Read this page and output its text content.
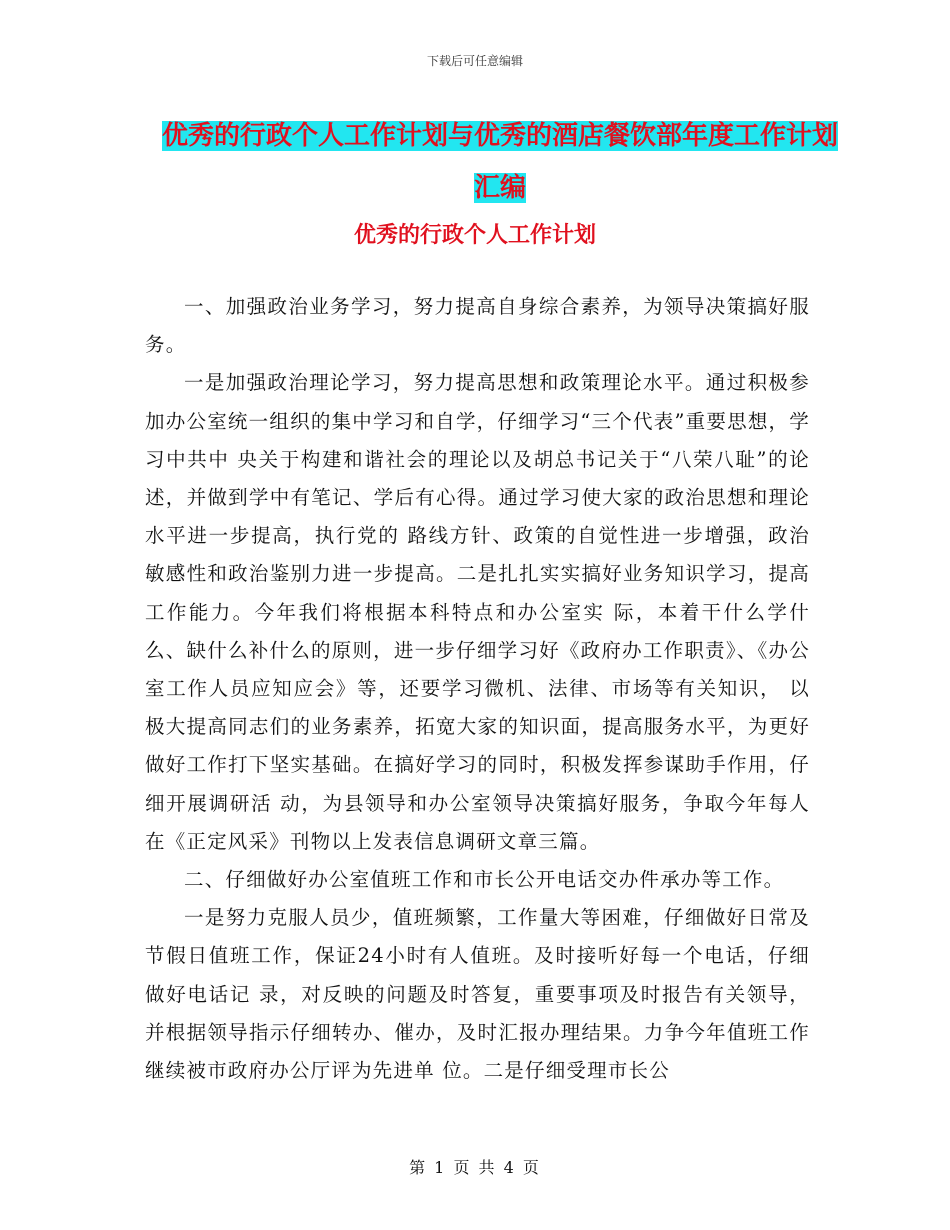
下载后可任意编辑

优秀的行政个人工作计划与优秀的酒店餐饮部年度工作计划汇编
优秀的行政个人工作计划

一、加强政治业务学习，努力提高自身综合素养，为领导决策搞好服务。

一是加强政治理论学习，努力提高思想和政策理论水平。通过积极参加办公室统一组织的集中学习和自学，仔细学习“三个代表”重要思想，学习中共中 央关于构建和谐社会的理论以及胡总书记关于“八荣八耻”的论述，并做到学中有笔记、学后有心得。通过学习使大家的政治思想和理论水平进一步提高，执行党的 路线方针、政策的自觉性进一步增强，政治敏感性和政治鉴别力进一步提高。二是扎扎实实搞好业务知识学习，提高工作能力。今年我们将根据本科特点和办公室实 际，本着干什么学什么、缺什么补什么的原则，进一步仔细学习好《政府办工作职责》、《办公室工作人员应知应会》等，还要学习微机、法律、市场等有关知识， 以极大提高同志们的业务素养，拓宽大家的知识面，提高服务水平，为更好做好工作打下坚实基础。在搞好学习的同时，积极发挥参谋助手作用，仔细开展调研活 动，为县领导和办公室领导决策搞好服务，争取今年每人在《正定风采》刊物以上发表信息调研文章三篇。

二、仔细做好办公室值班工作和市长公开电话交办件承办等工作。

一是努力克服人员少，值班频繁，工作量大等困难，仔细做好日常及节假日值班工作，保证24小时有人值班。及时接听好每一个电话，仔细做好电话记 录，对反映的问题及时答复，重要事项及时报告有关领导，并根据领导指示仔细转办、催办，及时汇报办理结果。力争今年值班工作继续被市政府办公厅评为先进单 位。二是仔细受理市长公

第 1 页 共 4 页
